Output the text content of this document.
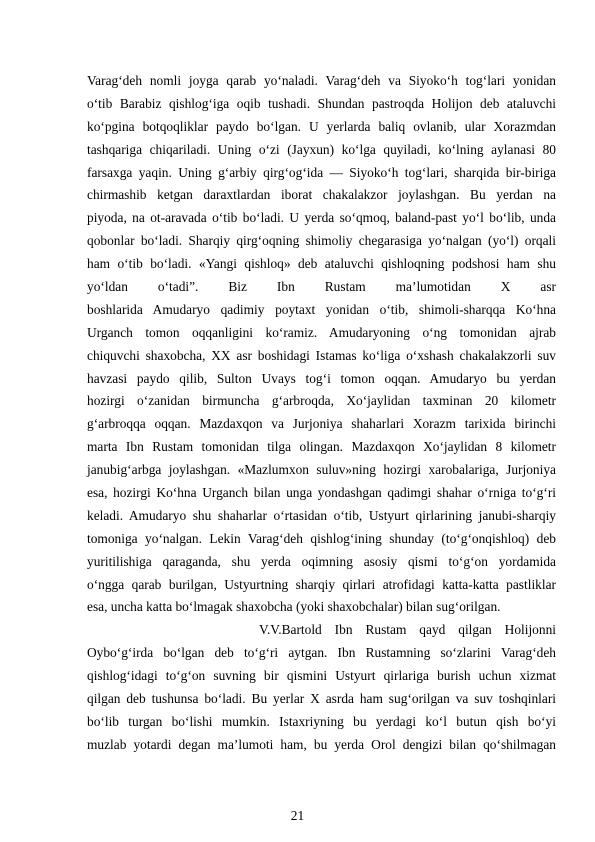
Varag‘deh nomli joyga qarab yo‘naladi. Varag‘deh va Siyoko‘h tog‘lari yonidan
o‘tib Barabiz qishlog‘iga oqib tushadi. Shundan pastroqda Holijon deb ataluvchi
ko‘pgina botqoqliklar paydo bo‘lgan. U yerlarda baliq ovlanib, ular Xorazmdan
tashqariga chiqariladi. Uning o‘zi (Jayxun) ko‘lga quyiladi, ko‘lning aylanasi 80
farsaxga yaqin. Uning g‘arbiy qirg‘og‘ida — Siyoko‘h tog‘lari, sharqida bir-biriga
chirmashib ketgan daraxtlardan iborat chakalakzor joylashgan. Bu yerdan na
piyoda, na ot-aravada o‘tib bo‘ladi. U yerda so‘qmoq, baland-past yo‘l bo‘lib, unda
qobonlar bo‘ladi. Sharqiy qirg‘oqning shimoliy chegarasiga yo‘nalgan (yo‘l) orqali
ham o‘tib bo‘ladi. «Yangi qishloq» deb ataluvchi qishloqning podshosi ham shu
yo‘ldan o‘tadi”. Biz Ibn Rustam ma’lumotidan X asr
boshlarida Amudaryo qadimiy poytaxt yonidan o‘tib, shimoli-sharqqa Ko‘hna
Urganch tomon oqqanligini ko‘ramiz. Amudaryoning o‘ng tomonidan ajrab
chiquvchi shaxobcha, XX asr boshidagi Istamas ko‘liga o‘xshash chakalakzorli suv
havzasi paydo qilib, Sulton Uvays tog‘i tomon oqqan. Amudaryo bu yerdan
hozirgi o‘zanidan birmuncha g‘arbroqda, Xo‘jaylidan taxminan 20 kilometr
g‘arbroqqa oqqan. Mazdaxqon va Jurjoniya shaharlari Xorazm tarixida birinchi
marta Ibn Rustam tomonidan tilga olingan. Mazdaxqon Xo‘jaylidan 8 kilometr
janubig‘arbga joylashgan. «Mazlumxon suluv»ning hozirgi xarobalariga, Jurjoniya
esa, hozirgi Ko‘hna Urganch bilan unga yondashgan qadimgi shahar o‘rniga to‘g‘ri
keladi. Amudaryo shu shaharlar o‘rtasidan o‘tib, Ustyurt qirlarining janubi-sharqiy
tomoniga yo‘nalgan. Lekin Varag‘deh qishlog‘ining shunday (to‘g‘onqishloq) deb
yuritilishiga qaraganda, shu yerda oqimning asosiy qismi to‘g‘on yordamida
o‘ngga qarab burilgan, Ustyurtning sharqiy qirlari atrofidagi katta-katta pastliklar
esa, uncha katta bo‘lmagak shaxobcha (yoki shaxobchalar) bilan sug‘orilgan.
V.V.Bartold Ibn Rustam qayd qilgan Holijonni
Oybo‘g‘irda bo‘lgan deb to‘g‘ri aytgan. Ibn Rustamning so‘zlarini Varag‘deh
qishlog‘idagi to‘g‘on suvning bir qismini Ustyurt qirlariga burish uchun xizmat
qilgan deb tushunsa bo‘ladi. Bu yerlar X asrda ham sug‘orilgan va suv toshqinlari
bo‘lib turgan bo‘lishi mumkin. Istaxriyning bu yerdagi ko‘l butun qish bo‘yi
muzlab yotardi degan ma’lumoti ham, bu yerda Orol dengizi bilan qo‘shilmagan
21
